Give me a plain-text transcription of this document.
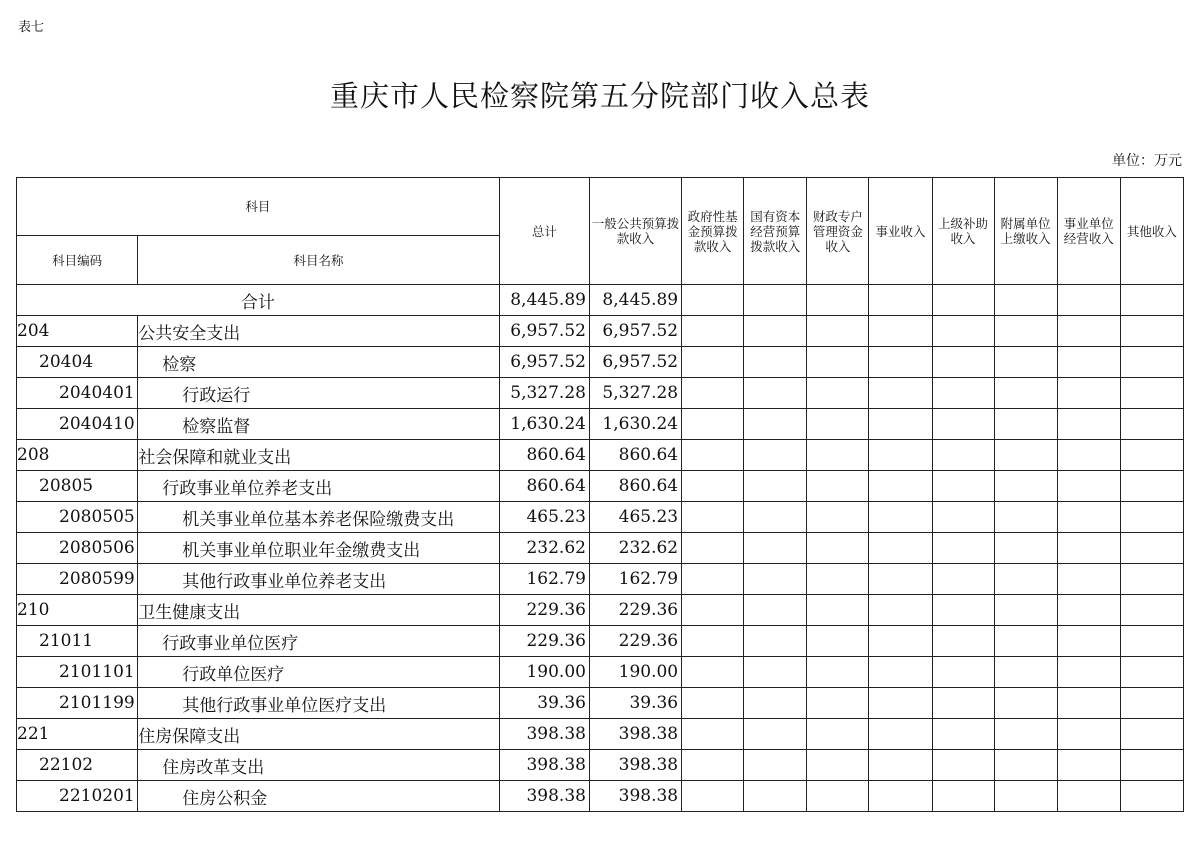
表七
重庆市人民检察院第五分院部门收入总表
单位：万元
科目		总计	一般公共预算拨款收入	政府性基金预算拨款收入	国有资本经营预算拨款收入	财政专户管理资金收入	事业收入	上级补助收入	附属单位上缴收入	事业单位经营收入	其他收入
科目编码	科目名称										
合计		8,445.89	8,445.89								
204	公共安全支出	6,957.52	6,957.52								
20404	检察	6,957.52	6,957.52								
2040401	行政运行	5,327.28	5,327.28								
2040410	检察监督	1,630.24	1,630.24								
208	社会保障和就业支出	860.64	860.64								
20805	行政事业单位养老支出	860.64	860.64								
2080505	机关事业单位基本养老保险缴费支出	465.23	465.23								
2080506	机关事业单位职业年金缴费支出	232.62	232.62								
2080599	其他行政事业单位养老支出	162.79	162.79								
210	卫生健康支出	229.36	229.36								
21011	行政事业单位医疗	229.36	229.36								
2101101	行政单位医疗	190.00	190.00								
2101199	其他行政事业单位医疗支出	39.36	39.36								
221	住房保障支出	398.38	398.38								
22102	住房改革支出	398.38	398.38								
2210201	住房公积金	398.38	398.38								
